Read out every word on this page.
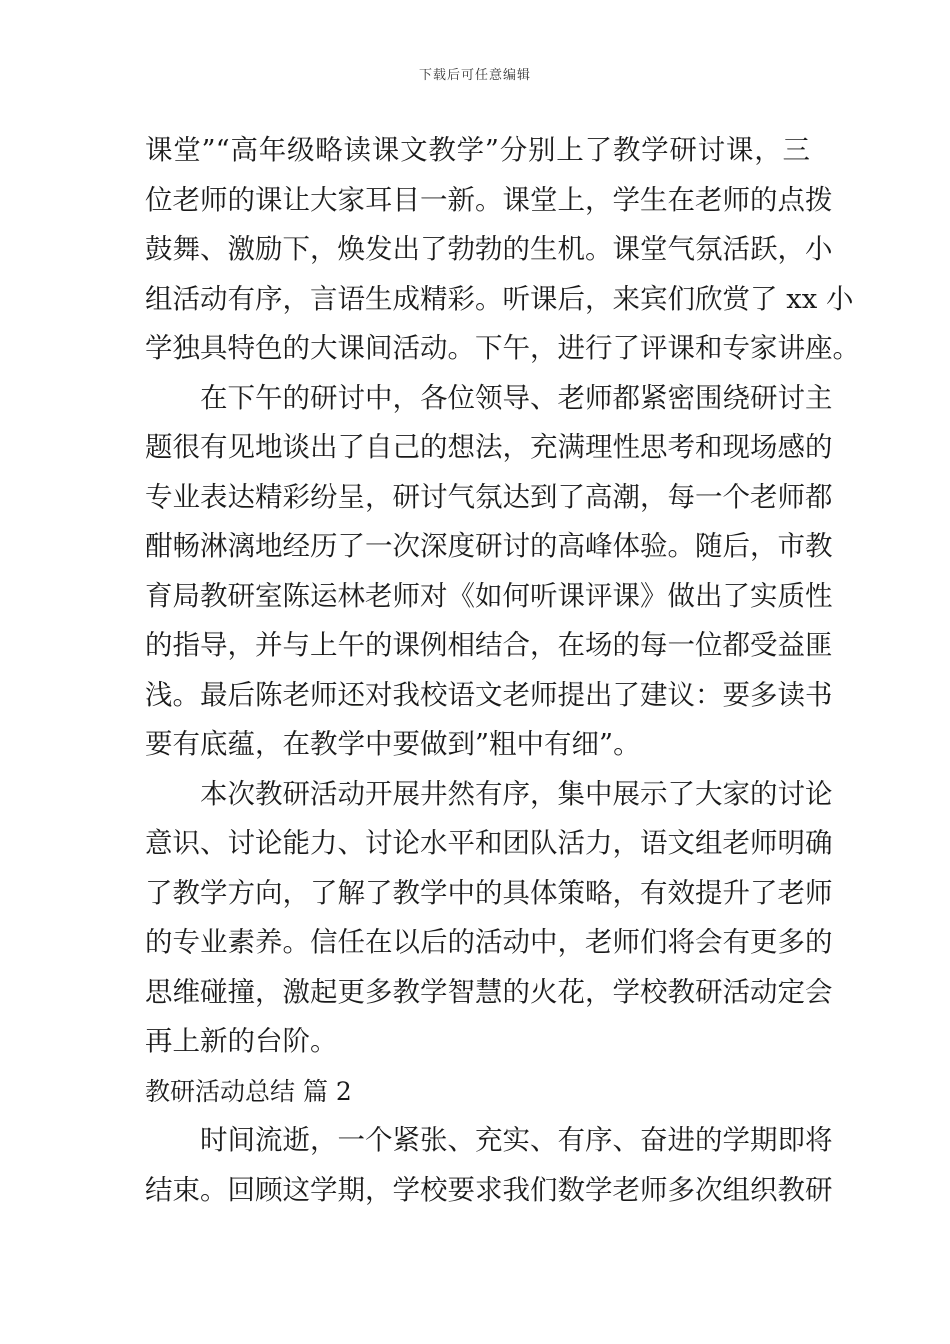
下载后可任意编辑
课堂”“高年级略读课文教学”分别上了教学研讨课，三
位老师的课让大家耳目一新。课堂上，学生在老师的点拨
鼓舞、激励下，焕发出了勃勃的生机。课堂气氛活跃，小
组活动有序，言语生成精彩。听课后，来宾们欣赏了 xx 小
学独具特色的大课间活动。下午，进行了评课和专家讲座。
在下午的研讨中，各位领导、老师都紧密围绕研讨主
题很有见地谈出了自己的想法，充满理性思考和现场感的
专业表达精彩纷呈，研讨气氛达到了高潮，每一个老师都
酣畅淋漓地经历了一次深度研讨的高峰体验。随后，市教
育局教研室陈运林老师对《如何听课评课》做出了实质性
的指导，并与上午的课例相结合，在场的每一位都受益匪
浅。最后陈老师还对我校语文老师提出了建议：要多读书
要有底蕴，在教学中要做到”粗中有细”。
本次教研活动开展井然有序，集中展示了大家的讨论
意识、讨论能力、讨论水平和团队活力，语文组老师明确
了教学方向，了解了教学中的具体策略，有效提升了老师
的专业素养。信任在以后的活动中，老师们将会有更多的
思维碰撞，激起更多教学智慧的火花，学校教研活动定会
再上新的台阶。
教研活动总结 篇 2
时间流逝，一个紧张、充实、有序、奋进的学期即将
结束。回顾这学期，学校要求我们数学老师多次组织教研
